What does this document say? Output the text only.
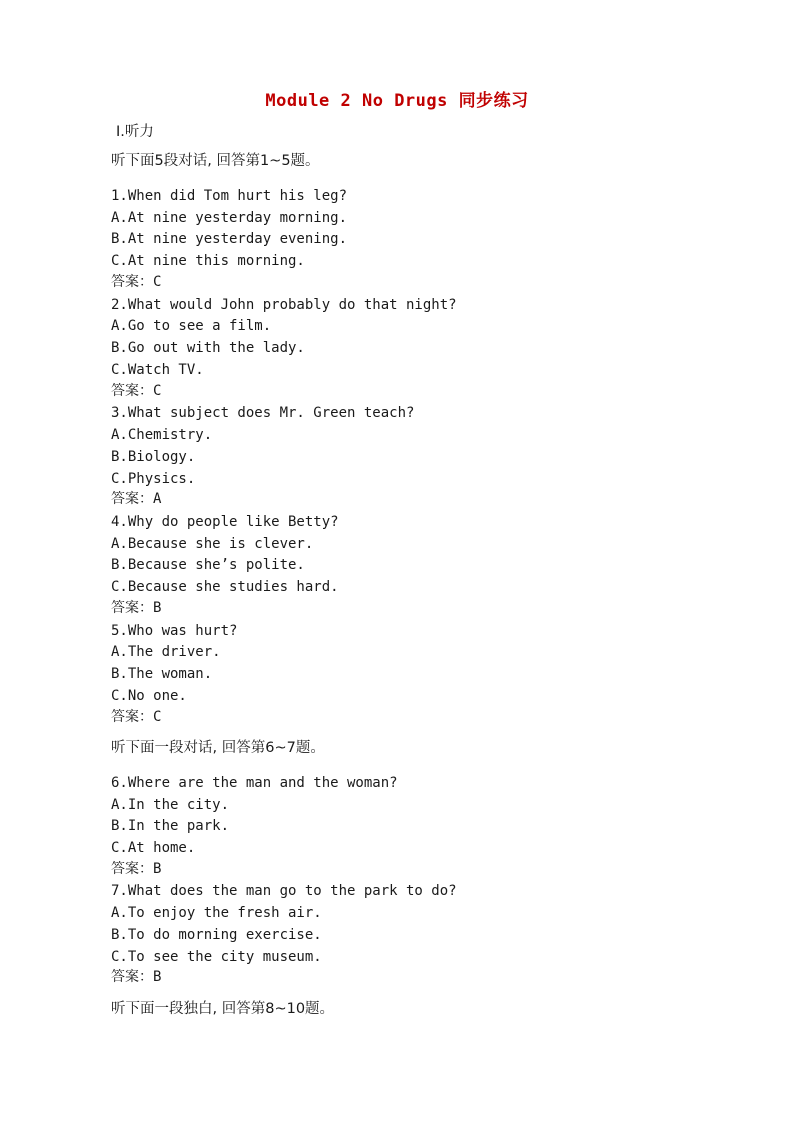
Module 2 No Drugs 同步练习
Ⅰ.听力
听下面5段对话, 回答第1~5题。
1.When did Tom hurt his leg?
A.At nine yesterday morning.
B.At nine yesterday evening.
C.At nine this morning.
答案：C
2.What would John probably do that night?
A.Go to see a film.
B.Go out with the lady.
C.Watch TV.
答案：C
3.What subject does Mr. Green teach?
A.Chemistry.
B.Biology.
C.Physics.
答案：A
4.Why do people like Betty?
A.Because she is clever.
B.Because she’s polite.
C.Because she studies hard.
答案：B
5.Who was hurt?
A.The driver.
B.The woman.
C.No one.
答案：C
听下面一段对话, 回答第6~7题。
6.Where are the man and the woman?
A.In the city.
B.In the park.
C.At home.
答案：B
7.What does the man go to the park to do?
A.To enjoy the fresh air.
B.To do morning exercise.
C.To see the city museum.
答案：B
听下面一段独白, 回答第8~10题。
